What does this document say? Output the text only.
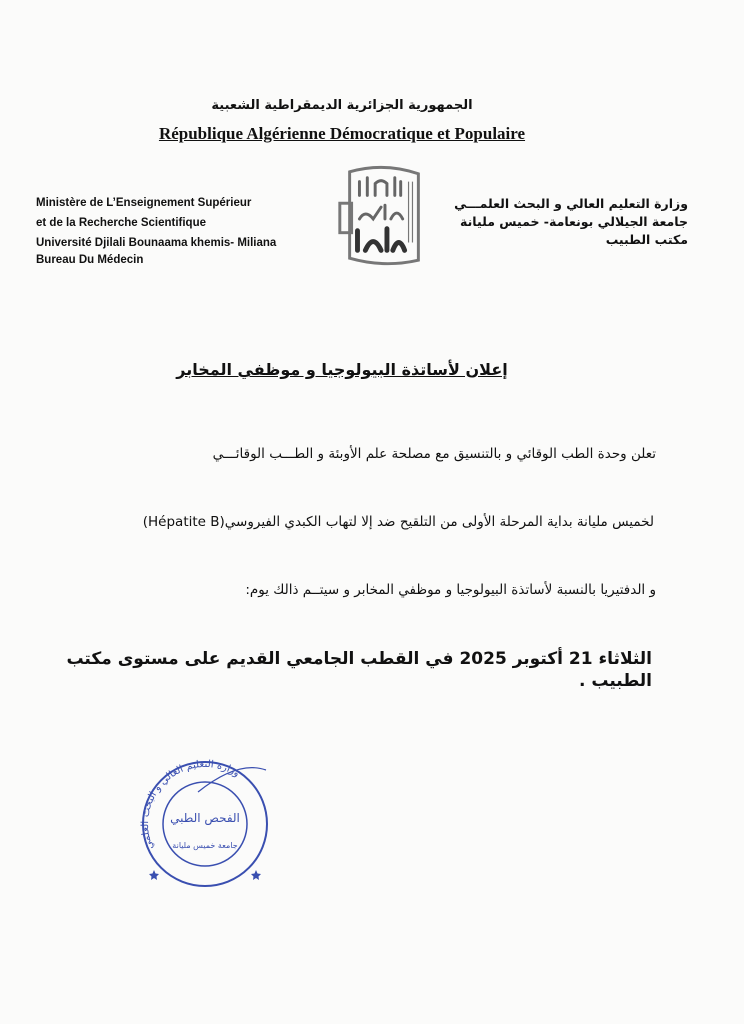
الجمهورية الجزائرية الديمقراطية الشعبية
République Algérienne Démocratique et Populaire
Ministère de L’Enseignement Supérieur
et de la Recherche Scientifique
Université Djilali Bounaama khemis- Miliana
Bureau Du Médecin
وزارة التعليم العالي و البحث العلمـــي
جامعة الجيلالي بونعامة- خميس مليانة
مكتب الطبيب
إعلان لأساتذة البيولوجيا و موظفي المخابر
تعلن وحدة الطب الوقائي و بالتنسيق مع مصلحة علم الأوبئة و الطـــب الوقائـــي
لخميس مليانة بداية المرحلة الأولى من التلقيح ضد إلا لتهاب الكبدي الفيروسي(Hépatite B)
و الدفتيريا بالنسبة لأساتذة البيولوجيا و موظفي المخابر و سيتــم ذالك يوم:
الثلاثاء 21 أكتوبر 2025 في القطب الجامعي القديم على مستوى مكتب الطبيب .
وزارة التعليم العالي و البحث العلمي
الفحص الطبي
جامعة خميس مليانة
